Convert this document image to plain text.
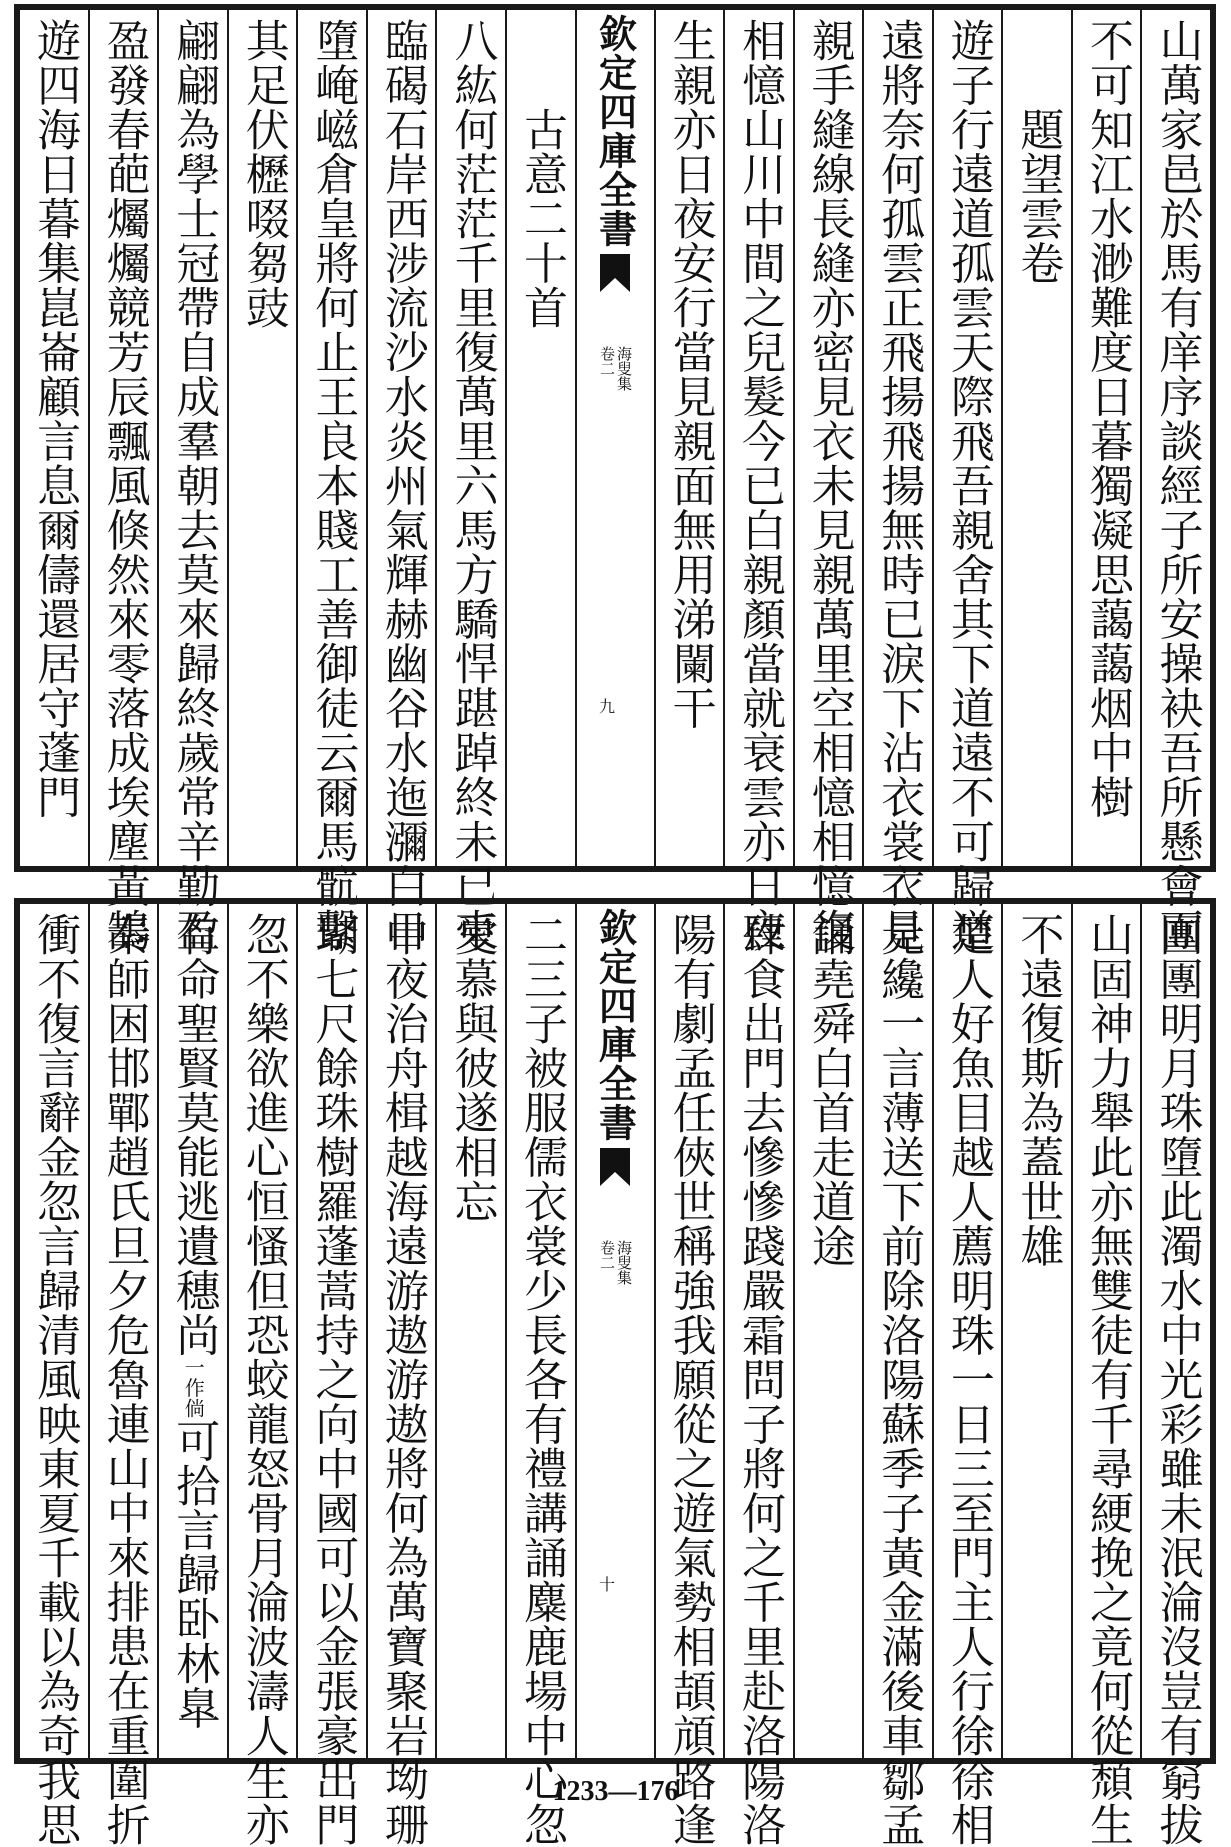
山萬家邑於馬有庠序談經子所安操袂吾所懸會面
不可知江水渺難度日暮獨凝思藹藹烟中樹
　　題望雲卷
遊子行遠道孤雲天際飛吾親舍其下道遠不可歸道
遠將奈何孤雲正飛揚飛揚無時已淚下沾衣裳衣是
親手縫線長縫亦密見衣未見親萬里空相憶相憶復
相憶山川中間之兒髮今已白親顏當就衰雲亦日夜
生親亦日夜安行當見親面無用涕闌干
欽定四庫全書
海叟集
卷二
九
　　古意二十首
八紘何茫茫千里復萬里六馬方驕悍踸踔終未已東
臨碣石岸西涉流沙水炎州氣輝赫幽谷水迤瀰白日
墮崦嵫倉皇將何止王良本賤工善御徒云爾馬骯繫
其足伏櫪啜芻豉
翩翩為學士冠帶自成羣朝去莫來歸終歲常辛勤盈
盈發春葩爥爥競芳辰飄風倏然來零落成埃塵黃鵠
遊四海日暮集崑崙顧言息爾儔還居守蓬門
團團明月珠墮此濁水中光彩雖未泯淪沒豈有窮拔
山固神力舉此亦無雙徒有千尋綆挽之竟何從頹生
不遠復斯為蓋世雄
楚人好魚目越人薦明珠一日三至門主人行徐徐相
見纔一言薄送下前除洛陽蘇季子黃金滿後車鄒孟
誦堯舜白首走道途
肆食出門去慘慘踐嚴霜問子將何之千里赴洛陽洛
陽有劇孟任俠世稱強我願從之遊氣勢相頡頏路逢
欽定四庫全書
海叟集
卷二
十
二三子被服儒衣裳少長各有禮講誦麋鹿場中心忽
愛慕與彼遂相忘
中夜治舟楫越海遠游遨游遨將何為萬寶聚岩坳珊
瑚七尺餘珠樹羅蓬蒿持之向中國可以金張豪出門
忽不樂欲進心恒慅但恐蛟龍怒骨月淪波濤人生亦
有命聖賢莫能逃遺穗尚一作倘可拾言歸卧林臯
秦師困邯鄲趙氏旦夕危魯連山中來排患在重圍折
衝不復言辭金忽言歸清風映東夏千載以為奇我思	1233—176
